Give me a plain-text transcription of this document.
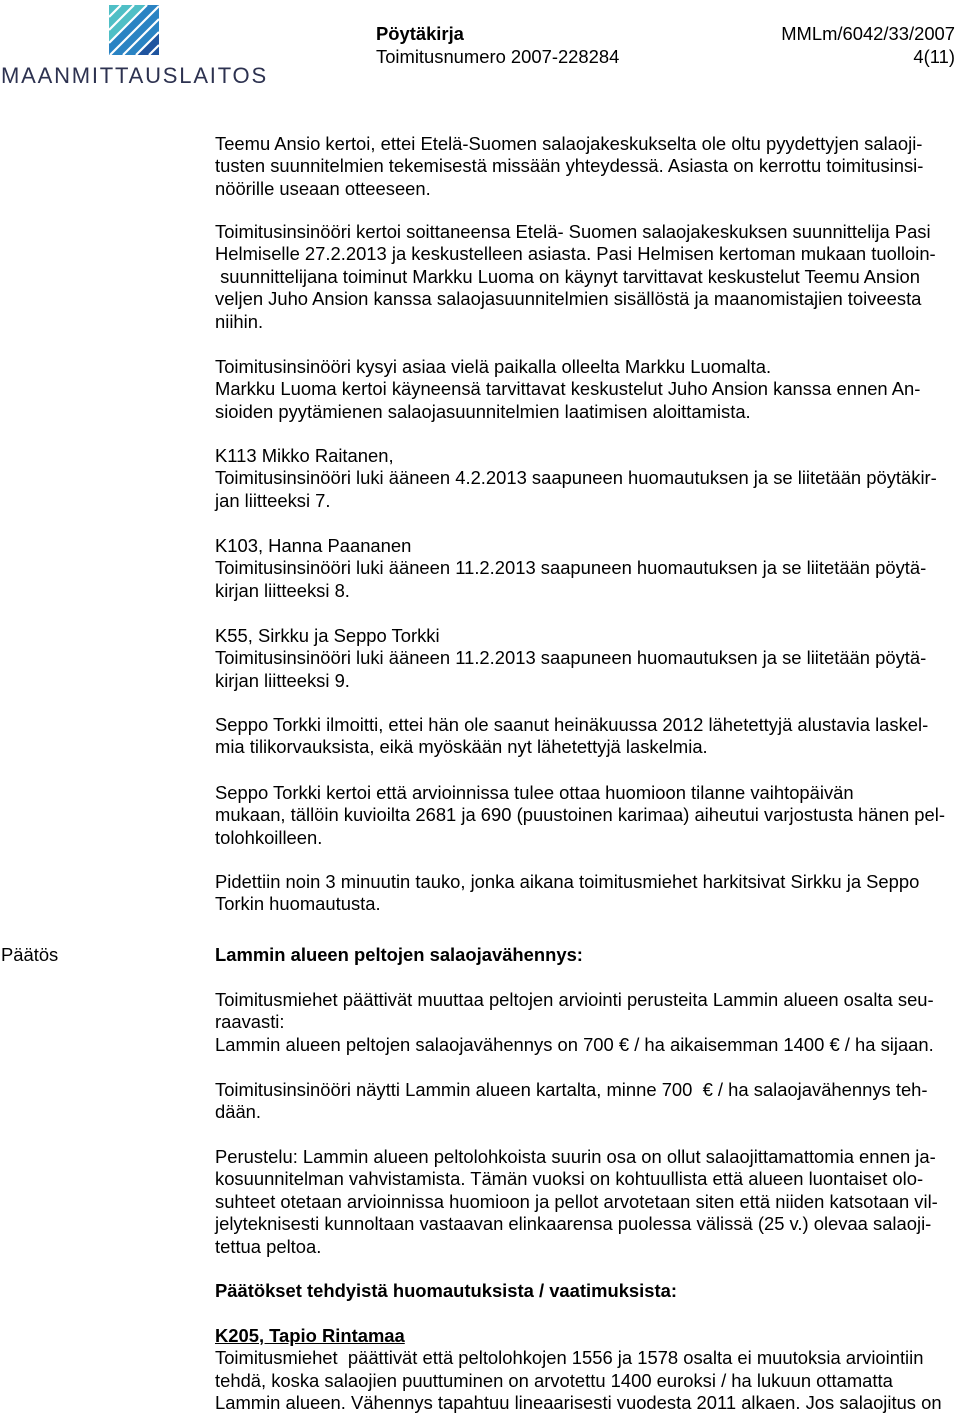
MAANMITTAUSLAITOS
Pöytäkirja	MMLm/6042/33/2007
Toimitusnumero 2007-228284	4(11)
Teemu Ansio kertoi, ettei Etelä-Suomen salaojakeskukselta ole oltu pyydettyjen salaoji-
tusten suunnitelmien tekemisestä missään yhteydessä. Asiasta on kerrottu toimitusinsi-
nöörille useaan otteeseen.
Toimitusinsinööri kertoi soittaneensa Etelä- Suomen salaojakeskuksen suunnittelija Pasi
Helmiselle 27.2.2013 ja keskustelleen asiasta. Pasi Helmisen kertoman mukaan tuolloin-
suunnittelijana toiminut Markku Luoma on käynyt tarvittavat keskustelut Teemu Ansion
veljen Juho Ansion kanssa salaojasuunnitelmien sisällöstä ja maanomistajien toiveesta
niihin.
Toimitusinsinööri kysyi asiaa vielä paikalla olleelta Markku Luomalta.
Markku Luoma kertoi käyneensä tarvittavat keskustelut Juho Ansion kanssa ennen An-
sioiden pyytämienen salaojasuunnitelmien laatimisen aloittamista.
K113 Mikko Raitanen,
Toimitusinsinööri luki ääneen 4.2.2013 saapuneen huomautuksen ja se liitetään pöytäkir-
jan liitteeksi 7.
K103, Hanna Paananen
Toimitusinsinööri luki ääneen 11.2.2013 saapuneen huomautuksen ja se liitetään pöytä-
kirjan liitteeksi 8.
K55, Sirkku ja Seppo Torkki
Toimitusinsinööri luki ääneen 11.2.2013 saapuneen huomautuksen ja se liitetään pöytä-
kirjan liitteeksi 9.
Seppo Torkki ilmoitti, ettei hän ole saanut heinäkuussa 2012 lähetettyjä alustavia laskel-
mia tilikorvauksista, eikä myöskään nyt lähetettyjä laskelmia.
Seppo Torkki kertoi että arvioinnissa tulee ottaa huomioon tilanne vaihtopäivän
mukaan, tällöin kuvioilta 2681 ja 690 (puustoinen karimaa) aiheutui varjostusta hänen pel-
tolohkoilleen.
Pidettiin noin 3 minuutin tauko, jonka aikana toimitusmiehet harkitsivat Sirkku ja Seppo
Torkin huomautusta.
Päätös	Lammin alueen peltojen salaojavähennys:
Toimitusmiehet päättivät muuttaa peltojen arviointi perusteita Lammin alueen osalta seu-
raavasti:
Lammin alueen peltojen salaojavähennys on 700 € / ha aikaisemman 1400 € / ha sijaan.
Toimitusinsinööri näytti Lammin alueen kartalta, minne 700  € / ha salaojavähennys teh-
dään.
Perustelu: Lammin alueen peltolohkoista suurin osa on ollut salaojittamattomia ennen ja-
kosuunnitelman vahvistamista. Tämän vuoksi on kohtuullista että alueen luontaiset olo-
suhteet otetaan arvioinnissa huomioon ja pellot arvotetaan siten että niiden katsotaan vil-
jelyteknisesti kunnoltaan vastaavan elinkaarensa puolessa välissä (25 v.) olevaa salaoji-
tettua peltoa.
Päätökset tehdyistä huomautuksista / vaatimuksista:
K205, Tapio Rintamaa
Toimitusmiehet  päättivät että peltolohkojen 1556 ja 1578 osalta ei muutoksia arviointiin
tehdä, koska salaojien puuttuminen on arvotettu 1400 euroksi / ha lukuun ottamatta
Lammin alueen. Vähennys tapahtuu lineaarisesti vuodesta 2011 alkaen. Jos salaojitus on
